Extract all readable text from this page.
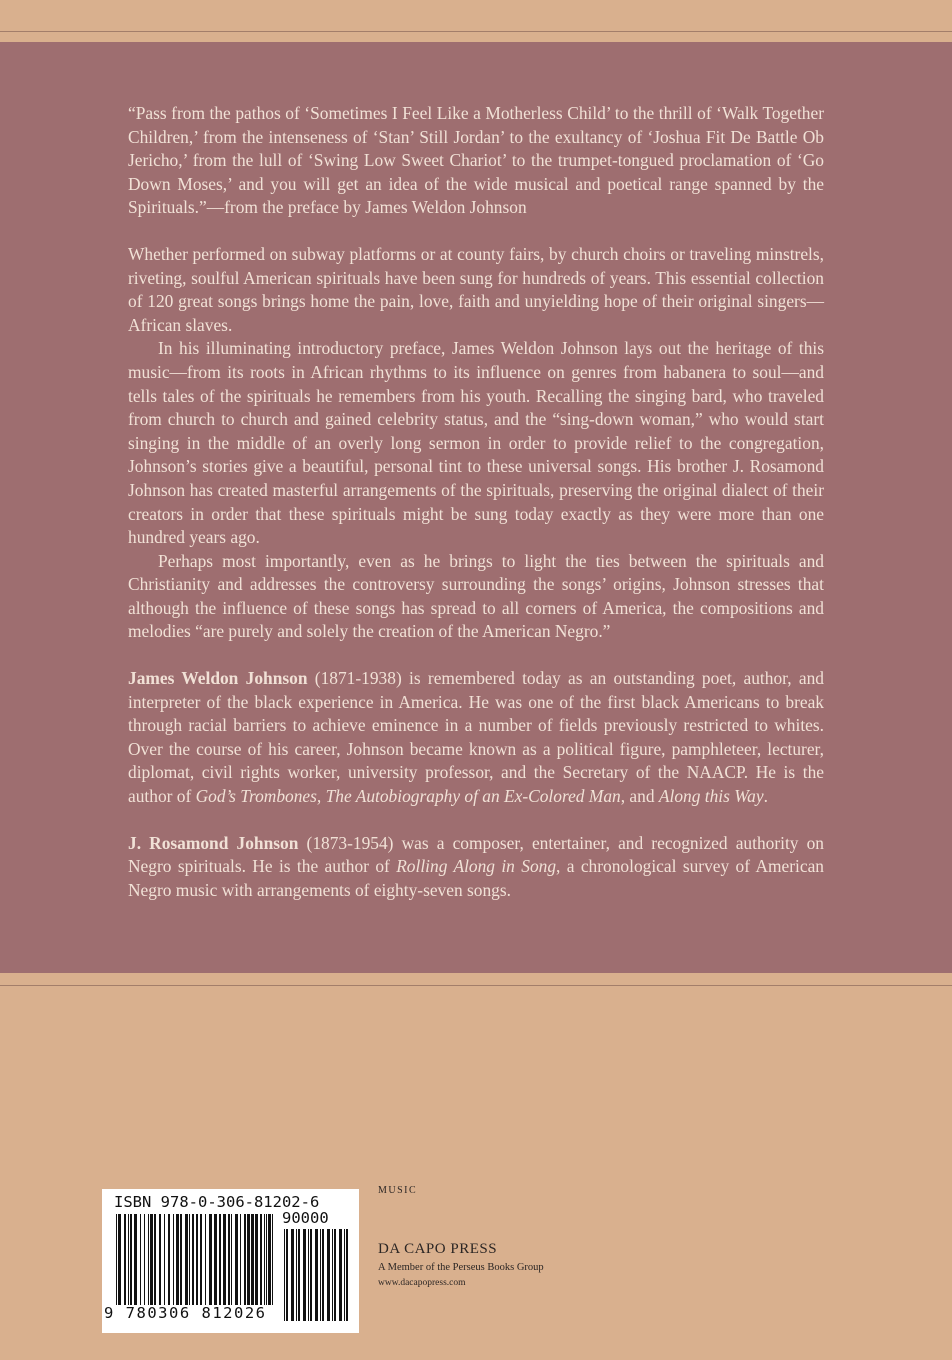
“Pass from the pathos of ‘Sometimes I Feel Like a Motherless Child’ to the thrill of ‘Walk Together Children,’ from the intenseness of ‘Stan’ Still Jordan’ to the exultancy of ‘Joshua Fit De Battle Ob Jericho,’ from the lull of ‘Swing Low Sweet Chariot’ to the trumpet-tongued proclamation of ‘Go Down Moses,’ and you will get an idea of the wide musical and poetical range spanned by the Spirituals.”—from the preface by James Weldon Johnson

Whether performed on subway platforms or at county fairs, by church choirs or traveling minstrels, riveting, soulful American spirituals have been sung for hundreds of years. This essential collection of 120 great songs brings home the pain, love, faith and unyielding hope of their original singers—African slaves.

In his illuminating introductory preface, James Weldon Johnson lays out the heritage of this music—from its roots in African rhythms to its influence on genres from habanera to soul—and tells tales of the spirituals he remembers from his youth. Recalling the singing bard, who traveled from church to church and gained celebrity status, and the “sing-down woman,” who would start singing in the middle of an overly long sermon in order to provide relief to the congregation, Johnson’s stories give a beautiful, personal tint to these universal songs. His brother J. Rosamond Johnson has created masterful arrangements of the spirituals, preserving the original dialect of their creators in order that these spirituals might be sung today exactly as they were more than one hundred years ago.

Perhaps most importantly, even as he brings to light the ties between the spirituals and Christianity and addresses the controversy surrounding the songs’ origins, Johnson stresses that although the influence of these songs has spread to all corners of America, the compositions and melodies “are purely and solely the creation of the American Negro.”

James Weldon Johnson (1871-1938) is remembered today as an outstanding poet, author, and interpreter of the black experience in America. He was one of the first black Americans to break through racial barriers to achieve eminence in a number of fields previously restricted to whites. Over the course of his career, Johnson became known as a political figure, pamphleteer, lecturer, diplomat, civil rights worker, university professor, and the Secretary of the NAACP. He is the author of God’s Trombones, The Autobiography of an Ex-Colored Man, and Along this Way.

J. Rosamond Johnson (1873-1954) was a composer, entertainer, and recognized authority on Negro spirituals. He is the author of Rolling Along in Song, a chronological survey of American Negro music with arrangements of eighty-seven songs.

ISBN 978-0-306-81202-6
90000
9 780306 812026
MUSIC
DA CAPO PRESS
A Member of the Perseus Books Group
www.dacapopress.com
